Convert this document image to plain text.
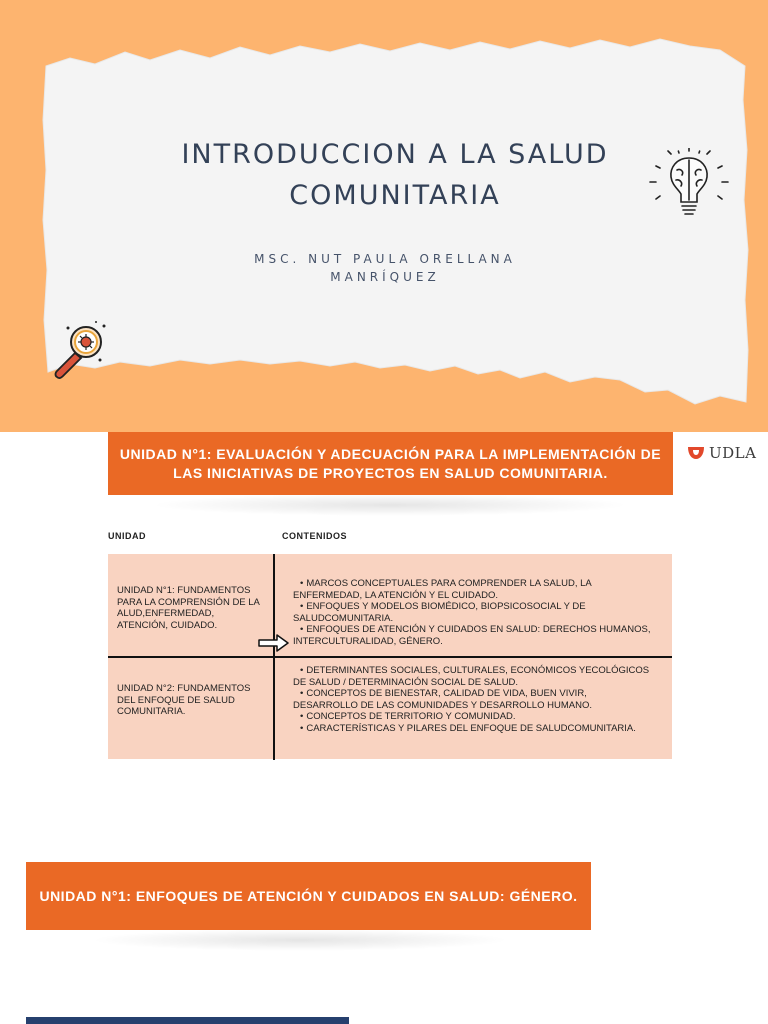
INTRODUCCION A LA SALUD COMUNITARIA
MSC. NUT PAULA ORELLANA MANRÍQUEZ
UNIDAD N°1: EVALUACIÓN Y ADECUACIÓN PARA LA IMPLEMENTACIÓN DE LAS INICIATIVAS DE PROYECTOS EN SALUD COMUNITARIA.
UDLA
UNIDAD	CONTENIDOS
UNIDAD N°1: FUNDAMENTOS PARA LA COMPRENSIÓN DE LA ALUD,ENFERMEDAD, ATENCIÓN, CUIDADO.
• MARCOS CONCEPTUALES PARA COMPRENDER LA SALUD, LA ENFERMEDAD, LA ATENCIÓN Y EL CUIDADO.
• ENFOQUES Y MODELOS BIOMÉDICO, BIOPSICOSOCIAL Y DE SALUDCOMUNITARIA.
• ENFOQUES DE ATENCIÓN Y CUIDADOS EN SALUD: DERECHOS HUMANOS, INTERCULTURALIDAD, GÉNERO.
UNIDAD N°2: FUNDAMENTOS DEL ENFOQUE DE SALUD COMUNITARIA.
• DETERMINANTES SOCIALES, CULTURALES, ECONÓMICOS YECOLÓGICOS DE SALUD / DETERMINACIÓN SOCIAL DE SALUD.
• CONCEPTOS DE BIENESTAR, CALIDAD DE VIDA, BUEN VIVIR, DESARROLLO DE LAS COMUNIDADES Y DESARROLLO HUMANO.
• CONCEPTOS DE TERRITORIO Y COMUNIDAD.
• CARACTERÍSTICAS Y PILARES DEL ENFOQUE DE SALUDCOMUNITARIA.
UNIDAD N°1: ENFOQUES DE ATENCIÓN Y CUIDADOS EN SALUD: GÉNERO.
